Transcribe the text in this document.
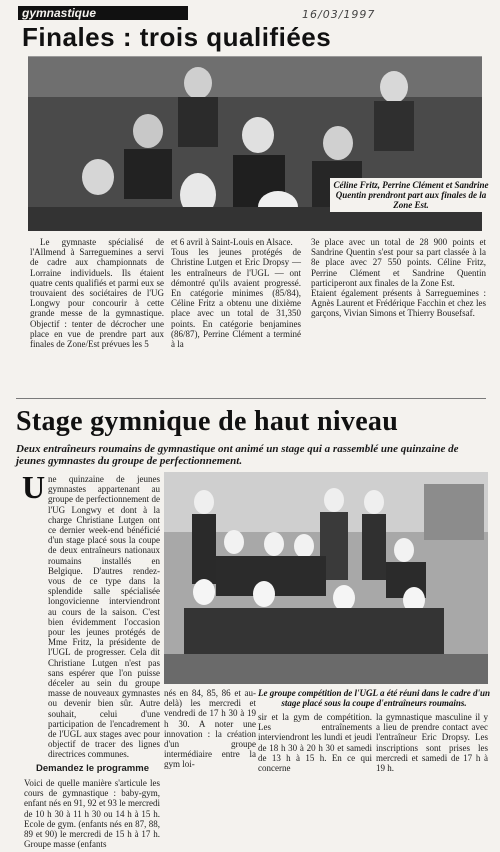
gymnastique	16/03/1997
Finales : trois qualifiées
Céline Fritz, Perrine Clément et Sandrine Quentin prendront part aux finales de la Zone Est.

Le gymnaste spécialisé de l'Allmend à Sarreguemines a servi de cadre aux championnats de Lorraine individuels. Ils étaient quatre cents qualifiés et parmi eux se trouvaient des sociétaires de l'UG Longwy pour concourir à cette grande messe de la gymnastique. Objectif : tenter de décrocher une place en vue de prendre part aux finales de Zone/Est prévues les 5

et 6 avril à Saint-Louis en Alsace.
Tous les jeunes protégés de Christine Lutgen et Eric Dropsy — les entraîneurs de l'UGL — ont démontré qu'ils avaient progressé. En catégorie minimes (85/84), Céline Fritz a obtenu une dixième place avec un total de 31,350 points. En catégorie benjamines (86/87), Perrine Clément a terminé à la

3e place avec un total de 28 900 points et Sandrine Quentin s'est pour sa part classée à la 8e place avec 27 550 points. Céline Fritz, Perrine Clément et Sandrine Quentin participeront aux finales de la Zone Est.
Etaient également présents à Sarreguemines : Agnès Laurent et Frédérique Facchin et chez les garçons, Vivian Simons et Thierry Bousefsaf.

Stage gymnique de haut niveau
Deux entraîneurs roumains de gymnastique ont animé un stage qui a rassemblé une quinzaine de jeunes gymnastes du groupe de perfectionnement.
U ne quinzaine de jeunes gymnastes appartenant au groupe de perfectionnement de l'UG Longwy et dont à la charge Christiane Lutgen ont ce dernier week-end bénéficié d'un stage placé sous la coupe de deux entraîneurs nationaux roumains installés en Belgique. D'autres rendez-vous de ce type dans la splendide salle spécialisée longovicienne interviendront au cours de la saison. C'est bien évidemment l'occasion pour les jeunes protégés de Mme Fritz, la présidente de l'UGL de progresser. Cela dit Christiane Lutgen n'est pas sans espérer que l'on puisse déceler au sein du groupe masse de nouveaux gymnastes ou devenir bien sûr. Autre souhait, celui d'une participation de l'encadrement de l'UGL aux stages avec pour objectif de tracer des lignes directrices communes.

Demandez le programme

Voici de quelle manière s'articule les cours de gymnastique : baby-gym, enfant nés en 91, 92 et 93 le mercredi de 10 h 30 à 11 h 30 ou 14 h à 15 h. Ecole de gym. (enfants nés en 87, 88, 89 et 90) le mercredi de 15 h à 17 h. Groupe masse (enfants

nés en 84, 85, 86 et au-delà) les mercredi et vendredi de 17 h 30 à 19 h 30. A noter une innovation : la création d'un groupe intermédiaire entre la gym loi-

Le groupe compétition de l'UGL a été réuni dans le cadre d'un stage placé sous la coupe d'entraîneurs roumains.

sir et la gym de compétition. Les entraînements interviendront les lundi et jeudi de 18 h 30 à 20 h 30 et samedi de 13 h à 15 h. En ce qui concerne

la gymnastique masculine il y a lieu de prendre contact avec l'entraîneur Eric Dropsy. Les inscriptions sont prises les mercredi et samedi de 17 h à 19 h.
